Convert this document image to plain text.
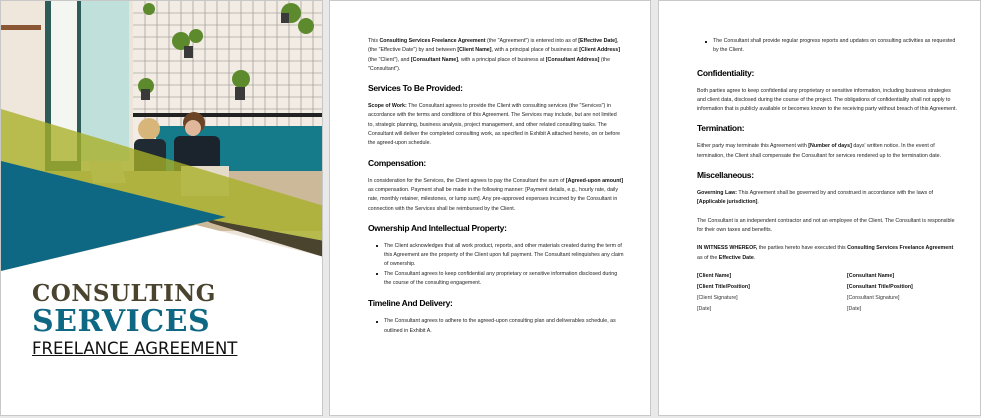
CONSULTING
SERVICES
FREELANCE AGREEMENT

This Consulting Services Freelance Agreement (the "Agreement") is entered into as of [Effective Date], (the "Effective Date") by and between [Client Name], with a principal place of business at [Client Address] (the "Client"), and [Consultant Name], with a principal place of business at [Consultant Address] (the "Consultant").

Services To Be Provided:

Scope of Work: The Consultant agrees to provide the Client with consulting services (the "Services") in accordance with the terms and conditions of this Agreement. The Services may include, but are not limited to, strategic planning, business analysis, project management, and other related consulting tasks. The Consultant will deliver the completed consulting work, as specified in Exhibit A attached hereto, on or before the agreed-upon schedule.

Compensation:

In consideration for the Services, the Client agrees to pay the Consultant the sum of [Agreed-upon amount] as compensation. Payment shall be made in the following manner: [Payment details, e.g., hourly rate, daily rate, monthly retainer, milestones, or lump sum]. Any pre-approved expenses incurred by the Consultant in connection with the Services shall be reimbursed by the Client.

Ownership And Intellectual Property:
The Client acknowledges that all work product, reports, and other materials created during the term of this Agreement are the property of the Client upon full payment. The Consultant relinquishes any claim of ownership.
The Consultant agrees to keep confidential any proprietary or sensitive information disclosed during the course of the consulting engagement.
Timeline And Delivery:
The Consultant agrees to adhere to the agreed-upon consulting plan and deliverables schedule, as outlined in Exhibit A.
The Consultant shall provide regular progress reports and updates on consulting activities as requested by the Client.
Confidentiality:

Both parties agree to keep confidential any proprietary or sensitive information, including business strategies and client data, disclosed during the course of the project. The obligations of confidentiality shall not apply to information that is publicly available or becomes known to the receiving party without breach of this Agreement.

Termination:

Either party may terminate this Agreement with [Number of days] days' written notice. In the event of termination, the Client shall compensate the Consultant for services rendered up to the termination date.

Miscellaneous:

Governing Law: This Agreement shall be governed by and construed in accordance with the laws of [Applicable jurisdiction].

The Consultant is an independent contractor and not an employee of the Client. The Consultant is responsible for their own taxes and benefits.

IN WITNESS WHEREOF, the parties hereto have executed this Consulting Services Freelance Agreement as of the Effective Date.

[Client Name]	[Consultant Name]
[Client Title/Position]	[Consultant Title/Position]
[Client Signature]	[Consultant Signature]
[Date]	[Date]
